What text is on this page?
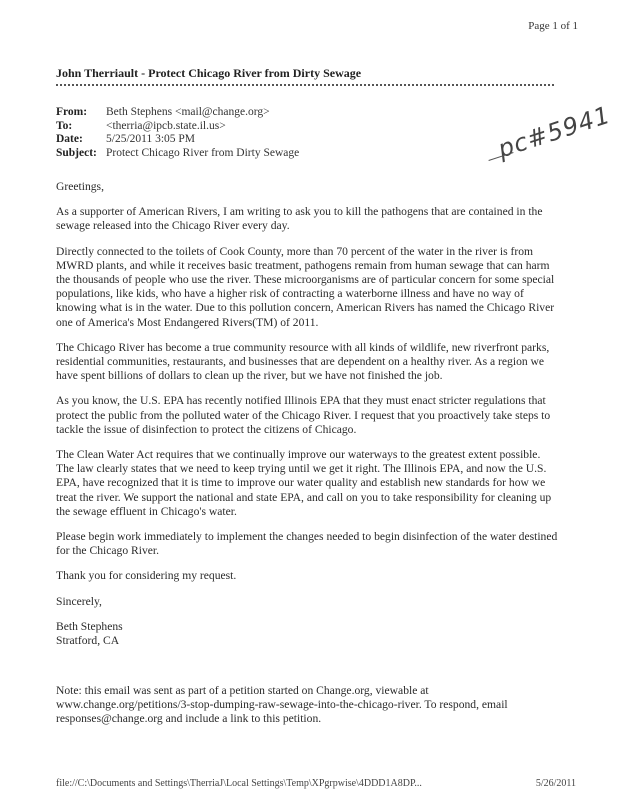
Page 1 of 1
John Therriault - Protect Chicago River from Dirty Sewage
From:	Beth Stephens <mail@change.org>
To:	<therria@ipcb.state.il.us>
Date:	5/25/2011 3:05 PM
Subject: Protect Chicago River from Dirty Sewage	pc#5941

Greetings,

As a supporter of American Rivers, I am writing to ask you to kill the pathogens that are contained in the sewage released into the Chicago River every day.

Directly connected to the toilets of Cook County, more than 70 percent of the water in the river is from MWRD plants, and while it receives basic treatment, pathogens remain from human sewage that can harm the thousands of people who use the river. These microorganisms are of particular concern for some special populations, like kids, who have a higher risk of contracting a waterborne illness and have no way of knowing what is in the water. Due to this pollution concern, American Rivers has named the Chicago River one of America's Most Endangered Rivers(TM) of 2011.

The Chicago River has become a true community resource with all kinds of wildlife, new riverfront parks, residential communities, restaurants, and businesses that are dependent on a healthy river. As a region we have spent billions of dollars to clean up the river, but we have not finished the job.

As you know, the U.S. EPA has recently notified Illinois EPA that they must enact stricter regulations that protect the public from the polluted water of the Chicago River. I request that you proactively take steps to tackle the issue of disinfection to protect the citizens of Chicago.

The Clean Water Act requires that we continually improve our waterways to the greatest extent possible. The law clearly states that we need to keep trying until we get it right. The Illinois EPA, and now the U.S. EPA, have recognized that it is time to improve our water quality and establish new standards for how we treat the river. We support the national and state EPA, and call on you to take responsibility for cleaning up the sewage effluent in Chicago's water.

Please begin work immediately to implement the changes needed to begin disinfection of the water destined for the Chicago River.

Thank you for considering my request.

Sincerely,

Beth Stephens
Stratford, CA

Note: this email was sent as part of a petition started on Change.org, viewable at www.change.org/petitions/3-stop-dumping-raw-sewage-into-the-chicago-river. To respond, email responses@change.org and include a link to this petition.

file://C:\Documents and Settings\TherriaJ\Local Settings\Temp\XPgrpwise\4DDD1A8DP...	5/26/2011
